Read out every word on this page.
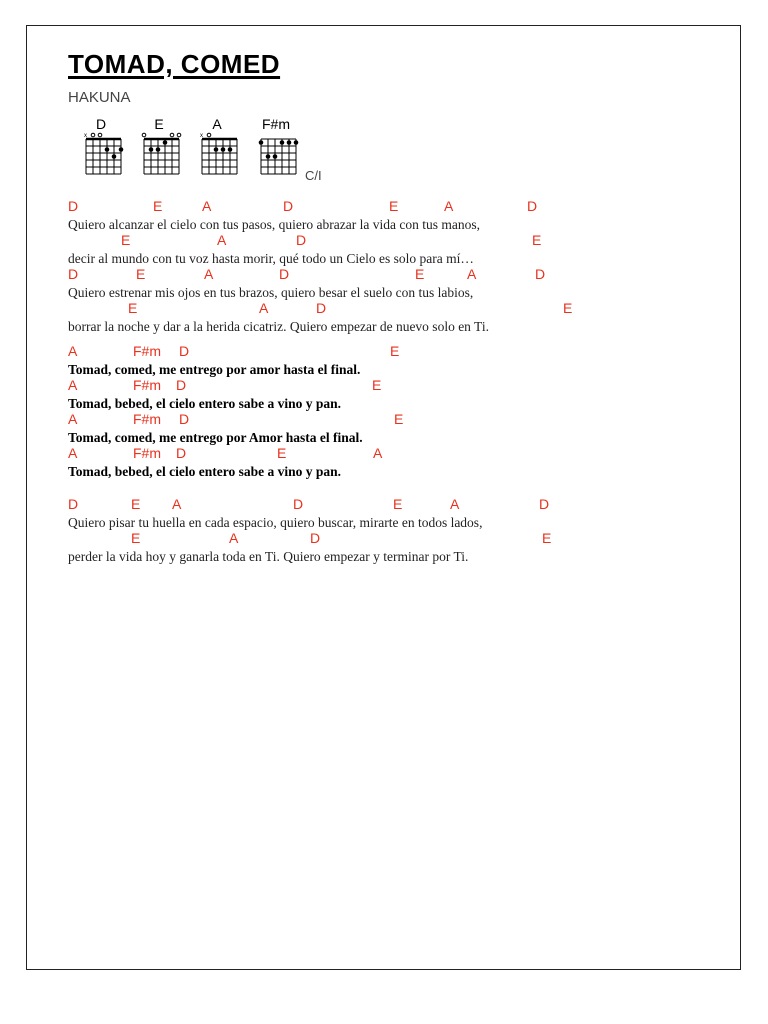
TOMAD, COMED
HAKUNA
D
x
E	A
x
F#m
C/I
D	E	A	D	E	A	D
Quiero alcanzar el cielo con tus pasos, quiero abrazar la vida con tus manos,
E	A	D	E
decir al mundo con tu voz hasta morir, qué todo un Cielo es solo para mí…
D	E	A	D	E	A	D
Quiero estrenar mis ojos en tus brazos, quiero besar el suelo con tus labios,
E	A	D	E
borrar la noche y dar a la herida cicatriz. Quiero empezar de nuevo solo en Ti.
A	F#m D	E
Tomad, comed, me entrego por amor hasta el final.
A	F#m D	E
Tomad, bebed, el cielo entero sabe a vino y pan.
A	F#m D	E
Tomad, comed, me entrego por Amor hasta el final.
A	F#m D	E	A
Tomad, bebed, el cielo entero sabe a vino y pan.
D	E A	D	E	A	D
Quiero pisar tu huella en cada espacio, quiero buscar, mirarte en todos lados,
E	A	D	E
perder la vida hoy y ganarla toda en Ti. Quiero empezar y terminar por Ti.
